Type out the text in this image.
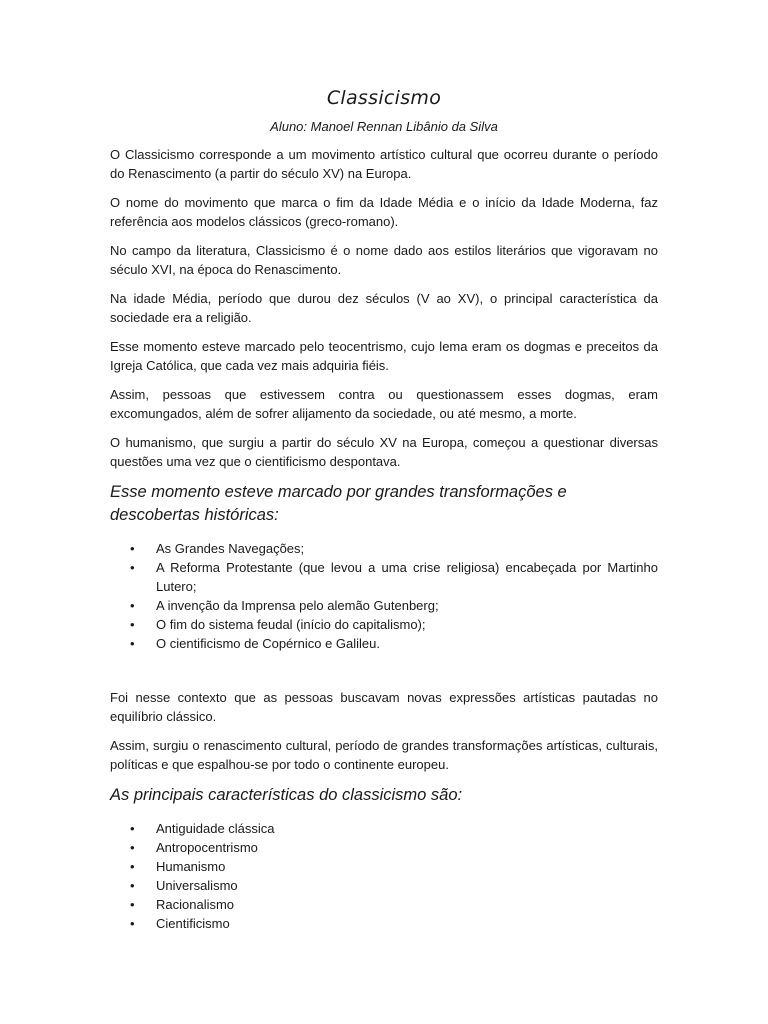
Classicismo
Aluno: Manoel Rennan Libânio da Silva

O Classicismo corresponde a um movimento artístico cultural que ocorreu durante o período do Renascimento (a partir do século XV) na Europa.

O nome do movimento que marca o fim da Idade Média e o início da Idade Moderna, faz referência aos modelos clássicos (greco-romano).

No campo da literatura, Classicismo é o nome dado aos estilos literários que vigoravam no século XVI, na época do Renascimento.

Na idade Média, período que durou dez séculos (V ao XV), o principal característica da sociedade era a religião.

Esse momento esteve marcado pelo teocentrismo, cujo lema eram os dogmas e preceitos da Igreja Católica, que cada vez mais adquiria fiéis.

Assim, pessoas que estivessem contra ou questionassem esses dogmas, eram excomungados, além de sofrer alijamento da sociedade, ou até mesmo, a morte.

O humanismo, que surgiu a partir do século XV na Europa, começou a questionar diversas questões uma vez que o cientificismo despontava.

Esse momento esteve marcado por grandes transformações e descobertas históricas:
• As Grandes Navegações;
• A Reforma Protestante (que levou a uma crise religiosa) encabeçada por Martinho Lutero;
• A invenção da Imprensa pelo alemão Gutenberg;
• O fim do sistema feudal (início do capitalismo);
• O cientificismo de Copérnico e Galileu.

Foi nesse contexto que as pessoas buscavam novas expressões artísticas pautadas no equilíbrio clássico.

Assim, surgiu o renascimento cultural, período de grandes transformações artísticas, culturais, políticas e que espalhou-se por todo o continente europeu.

As principais características do classicismo são:
• Antiguidade clássica
• Antropocentrismo
• Humanismo
• Universalismo
• Racionalismo
• Cientificismo
